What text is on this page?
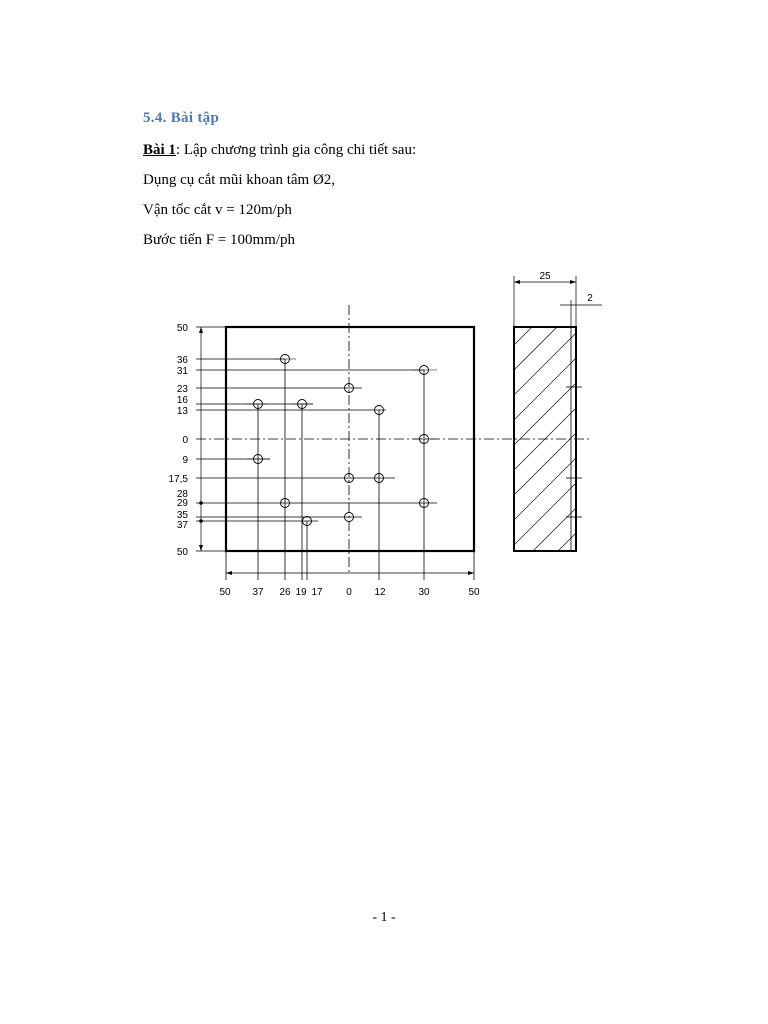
5.4. Bài tập
Bài 1: Lập chương trình gia công chi tiết sau:
Dụng cụ cắt mũi khoan tâm Ø2,
Vận tốc cắt v = 120m/ph
Bước tiến F = 100mm/ph
50
36
31
23
16
13
0
9
17,5
28
29
35
37
50
50 37 26 19 17 0 12	30	50
25
2
- 1 -
